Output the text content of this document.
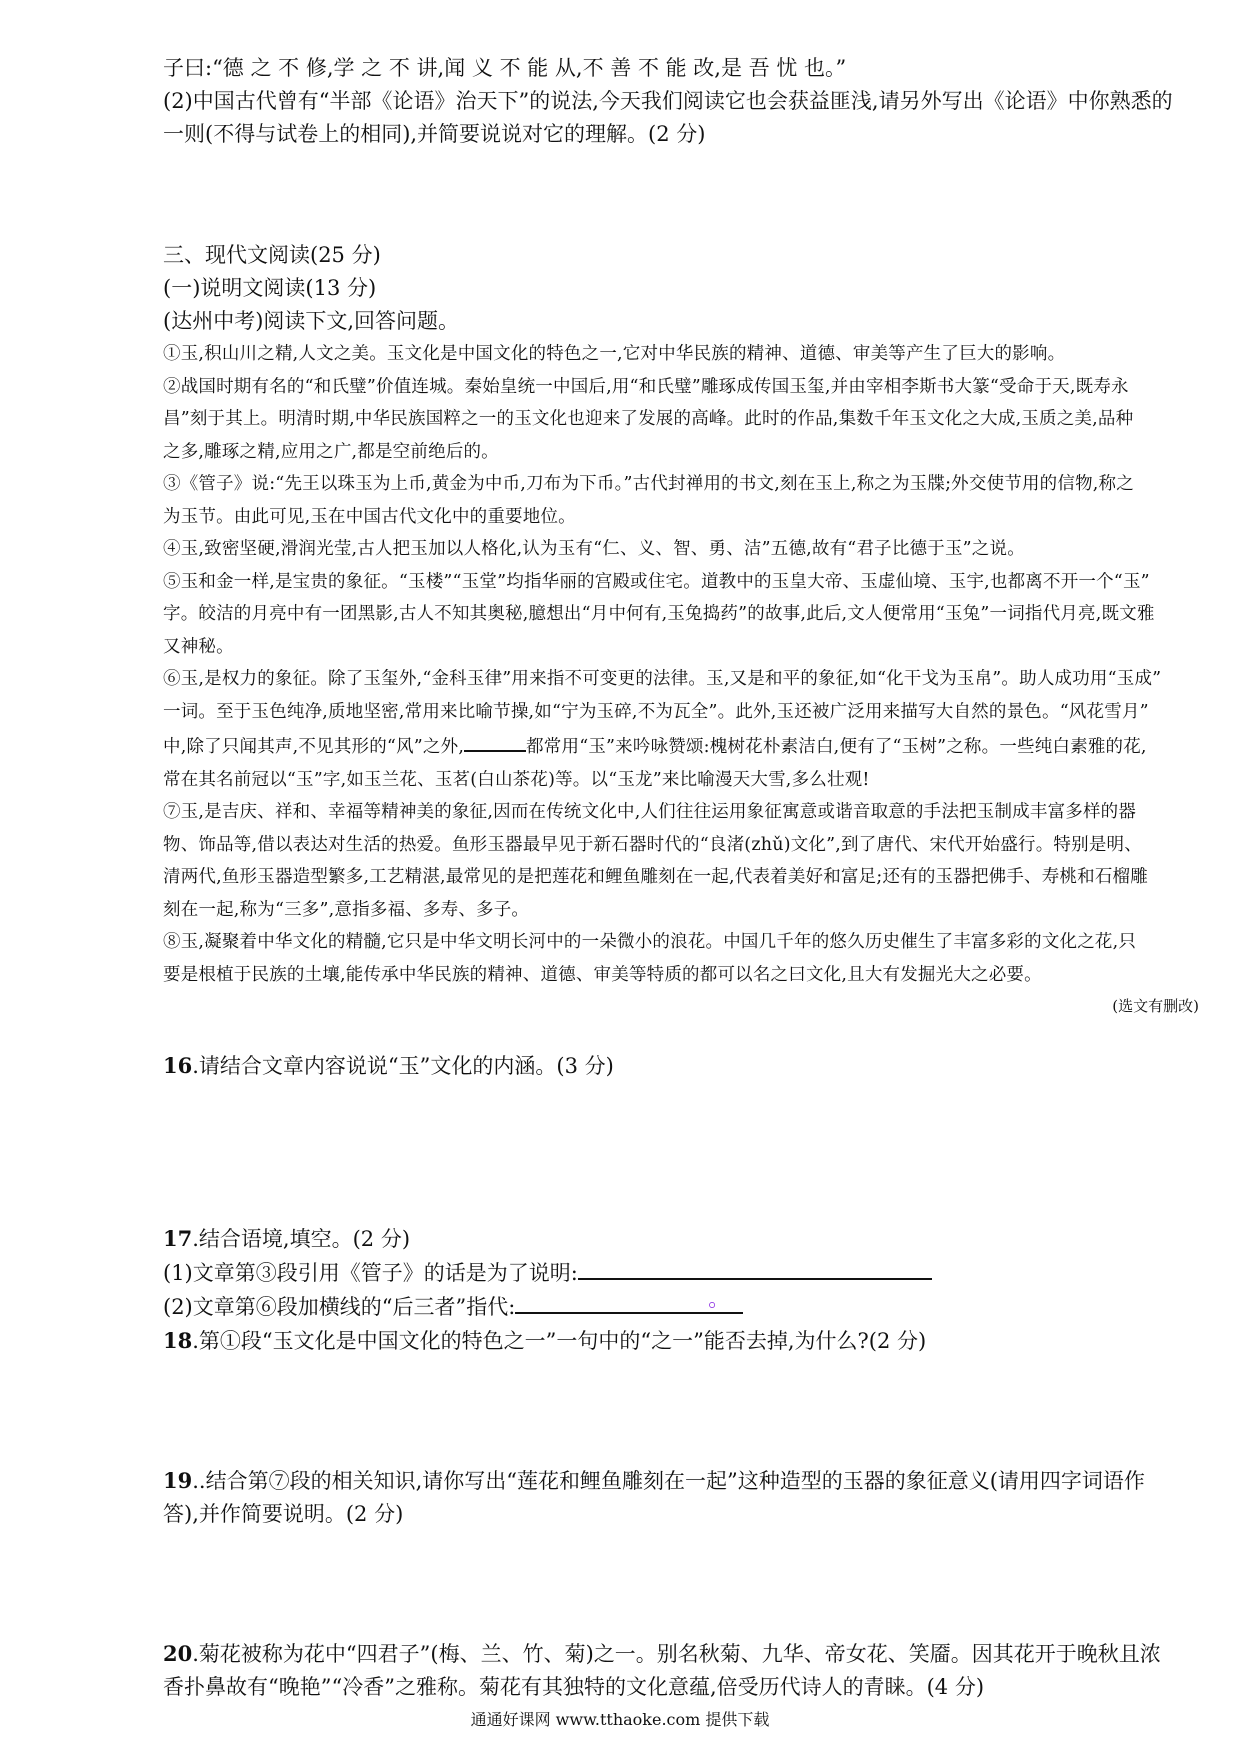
子曰:“德 之 不 修,学 之 不 讲,闻 义 不 能 从,不 善 不 能 改,是 吾 忧 也。”
(2)中国古代曾有“半部《论语》治天下”的说法,今天我们阅读它也会获益匪浅,请另外写出《论语》中你熟悉的
一则(不得与试卷上的相同),并简要说说对它的理解。(2 分)
三、现代文阅读(25 分)
(一)说明文阅读(13 分)
(达州中考)阅读下文,回答问题。
①玉,积山川之精,人文之美。玉文化是中国文化的特色之一,它对中华民族的精神、道德、审美等产生了巨大的影响。
②战国时期有名的“和氏璧”价值连城。秦始皇统一中国后,用“和氏璧”雕琢成传国玉玺,并由宰相李斯书大篆“受命于天,既寿永
昌”刻于其上。明清时期,中华民族国粹之一的玉文化也迎来了发展的高峰。此时的作品,集数千年玉文化之大成,玉质之美,品种
之多,雕琢之精,应用之广,都是空前绝后的。
③《管子》说:“先王以珠玉为上币,黄金为中币,刀布为下币。”古代封禅用的书文,刻在玉上,称之为玉牒;外交使节用的信物,称之
为玉节。由此可见,玉在中国古代文化中的重要地位。
④玉,致密坚硬,滑润光莹,古人把玉加以人格化,认为玉有“仁、义、智、勇、洁”五德,故有“君子比德于玉”之说。
⑤玉和金一样,是宝贵的象征。“玉楼”“玉堂”均指华丽的宫殿或住宅。道教中的玉皇大帝、玉虚仙境、玉宇,也都离不开一个“玉”
字。皎洁的月亮中有一团黑影,古人不知其奥秘,臆想出“月中何有,玉兔捣药”的故事,此后,文人便常用“玉兔”一词指代月亮,既文雅
又神秘。
⑥玉,是权力的象征。除了玉玺外,“金科玉律”用来指不可变更的法律。玉,又是和平的象征,如“化干戈为玉帛”。助人成功用“玉成”
一词。至于玉色纯净,质地坚密,常用来比喻节操,如“宁为玉碎,不为瓦全”。此外,玉还被广泛用来描写大自然的景色。“风花雪月”
中,除了只闻其声,不见其形的“风”之外,	都常用“玉”来吟咏赞颂:槐树花朴素洁白,便有了“玉树”之称。一些纯白素雅的花,
常在其名前冠以“玉”字,如玉兰花、玉茗(白山茶花)等。以“玉龙”来比喻漫天大雪,多么壮观!
⑦玉,是吉庆、祥和、幸福等精神美的象征,因而在传统文化中,人们往往运用象征寓意或谐音取意的手法把玉制成丰富多样的器
物、饰品等,借以表达对生活的热爱。鱼形玉器最早见于新石器时代的“良渚(zhǔ)文化”,到了唐代、宋代开始盛行。特别是明、
清两代,鱼形玉器造型繁多,工艺精湛,最常见的是把莲花和鲤鱼雕刻在一起,代表着美好和富足;还有的玉器把佛手、寿桃和石榴雕
刻在一起,称为“三多”,意指多福、多寿、多子。
⑧玉,凝聚着中华文化的精髓,它只是中华文明长河中的一朵微小的浪花。中国几千年的悠久历史催生了丰富多彩的文化之花,只
要是根植于民族的土壤,能传承中华民族的精神、道德、审美等特质的都可以名之曰文化,且大有发掘光大之必要。
(选文有删改)
16.请结合文章内容说说“玉”文化的内涵。(3 分)
17.结合语境,填空。(2 分)
(1)文章第③段引用《管子》的话是为了说明:
(2)文章第⑥段加横线的“后三者”指代:	。
18.第①段“玉文化是中国文化的特色之一”一句中的“之一”能否去掉,为什么?(2 分)
19..结合第⑦段的相关知识,请你写出“莲花和鲤鱼雕刻在一起”这种造型的玉器的象征意义(请用四字词语作
答),并作简要说明。(2 分)
20.菊花被称为花中“四君子”(梅、兰、竹、菊)之一。别名秋菊、九华、帝女花、笑靥。因其花开于晚秋且浓
香扑鼻故有“晚艳”“冷香”之雅称。菊花有其独特的文化意蕴,倍受历代诗人的青睐。(4 分)
通通好课网 www.tthaoke.com 提供下载
